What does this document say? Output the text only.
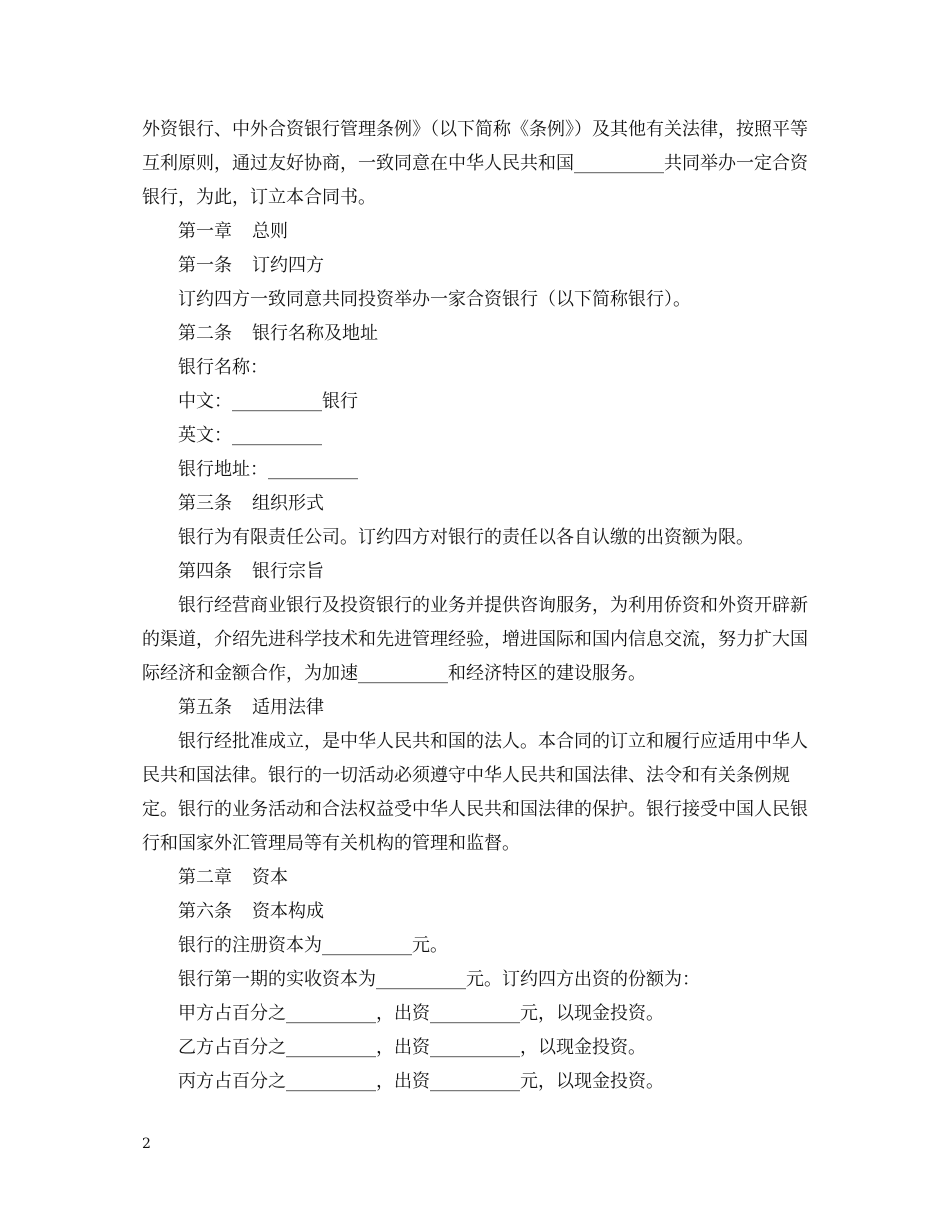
外资银行、中外合资银行管理条例》（以下简称《条例》）及其他有关法律，按照平等互利原则，通过友好协商，一致同意在中华人民共和国__________共同举办一定合资银行，为此，订立本合同书。

第一章 总则

第一条 订约四方

订约四方一致同意共同投资举办一家合资银行（以下简称银行）。

第二条 银行名称及地址

银行名称：

中文：__________银行

英文：__________

银行地址：__________

第三条 组织形式

银行为有限责任公司。订约四方对银行的责任以各自认缴的出资额为限。

第四条 银行宗旨

银行经营商业银行及投资银行的业务并提供咨询服务，为利用侨资和外资开辟新的渠道，介绍先进科学技术和先进管理经验，增进国际和国内信息交流，努力扩大国际经济和金额合作，为加速__________和经济特区的建设服务。

第五条 适用法律

银行经批准成立，是中华人民共和国的法人。本合同的订立和履行应适用中华人民共和国法律。银行的一切活动必须遵守中华人民共和国法律、法令和有关条例规定。银行的业务活动和合法权益受中华人民共和国法律的保护。银行接受中国人民银行和国家外汇管理局等有关机构的管理和监督。

第二章 资本

第六条 资本构成

银行的注册资本为__________元。

银行第一期的实收资本为__________元。订约四方出资的份额为：

甲方占百分之__________，出资__________元，以现金投资。

乙方占百分之__________，出资__________，以现金投资。

丙方占百分之__________，出资__________元，以现金投资。

2
